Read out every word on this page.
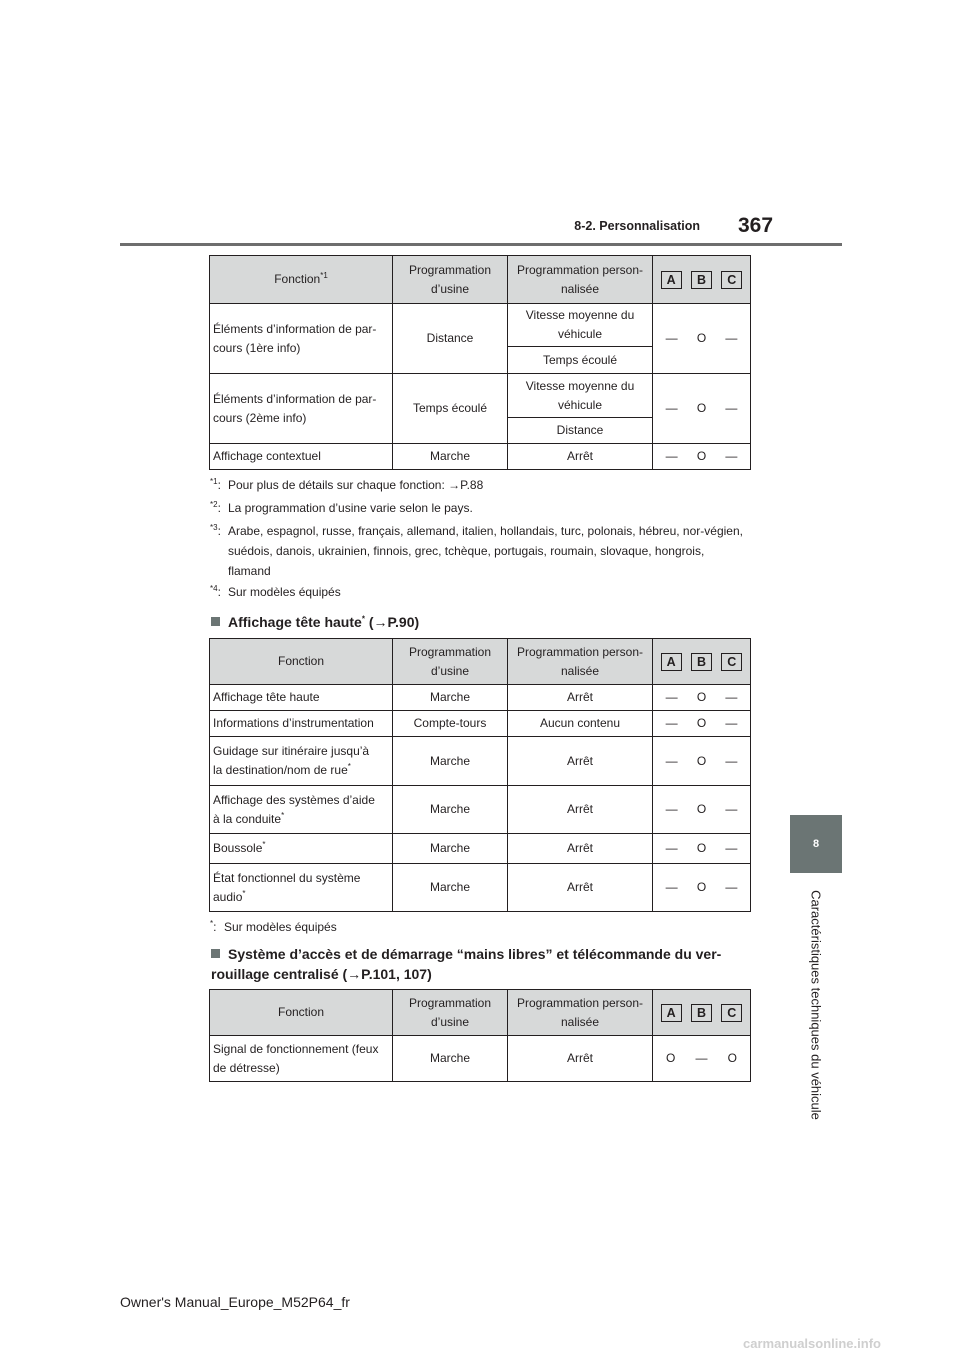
8-2. Personnalisation 367
8
Caractéristiques techniques du véhicule
Fonction$^{*1}$	Programmation d’usine	Programmation person-nalisée	A B C

Éléments d’information de par-cours (1ère info)	Distance	Vitesse moyenne du véhicule	— O —

		Temps écoulé	
Éléments d’information de par-cours (2ème info)	Temps écoulé	Vitesse moyenne du véhicule	— O —

		Distance	
Affichage contextuel	Marche	Arrêt	— O —
$^{*1}$: Pour plus de détails sur chaque fonction: →P.88
$^{*2}$: La programmation d’usine varie selon le pays.
$^{*3}$: Arabe, espagnol, russe, français, allemand, italien, hollandais, turc, polonais, hébreu, nor-végien, suédois, danois, ukrainien, finnois, grec, tchèque, portugais, roumain, slovaque, hongrois, flamand
$^{*4}$: Sur modèles équipés
Affichage tête haute* (→P.90)
Fonction	Programmation d’usine	Programmation person-nalisée	A B C

Affichage tête haute	Marche	Arrêt	— O —

Informations d’instrumentation	Compte-tours	Aucun contenu	— O —

Guidage sur itinéraire jusqu’à
la destination/nom de rue*	Marche	Arrêt	— O —

Affichage des systèmes d’aide
à la conduite*	Marche	Arrêt	— O —

Boussole*	Marche	Arrêt	— O —

État fonctionnel du système
audio*	Marche	Arrêt	— O —
*: Sur modèles équipés
Système d’accès et de démarrage “mains libres” et télécommande du ver-rouillage centralisé (→P.101, 107)
Fonction	Programmation d’usine	Programmation person-nalisée	A B C

Signal de fonctionnement (feux de détresse)	Marche	Arrêt	O — O
Owner's Manual_Europe_M52P64_fr
carmanualsonline.info
